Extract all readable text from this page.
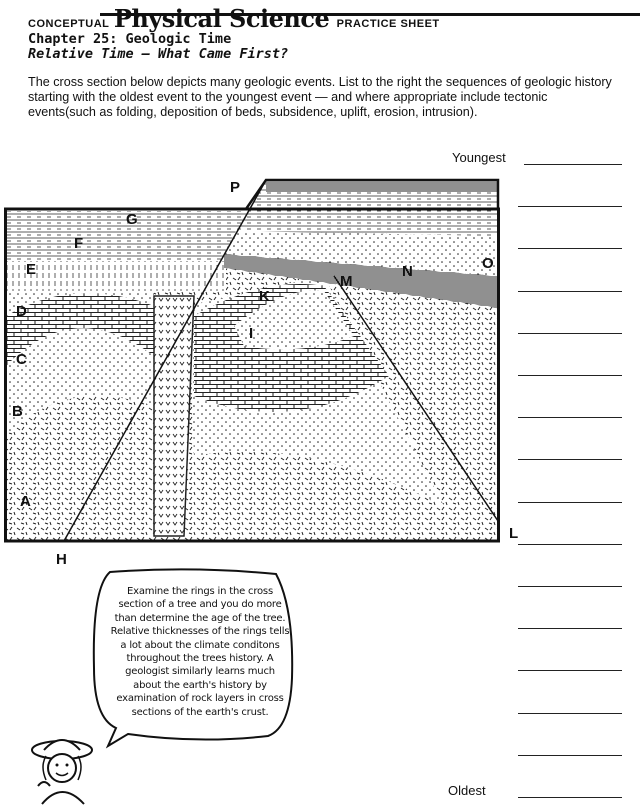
CONCEPTUAL Physical Science PRACTICE SHEET
Chapter 25: Geologic Time
Relative Time — What Came First?
The cross section below depicts many geologic events. List to the right the sequences of geologic history starting with the oldest event to the youngest event — and where appropriate include tectonic events(such as folding, deposition of beds, subsidence, uplift, erosion, intrusion).
Youngest
Oldest
A
B
C
D
E
F
G
H
I
K
L
M
N	O
P
Examine the rings in the cross section of a tree and you do more than determine the age of the tree. Relative thicknesses of the rings tells a lot about the climate conditons throughout the trees history. A geologist similarly learns much about the earth's history by examination of rock layers in cross sections of the earth's crust.
